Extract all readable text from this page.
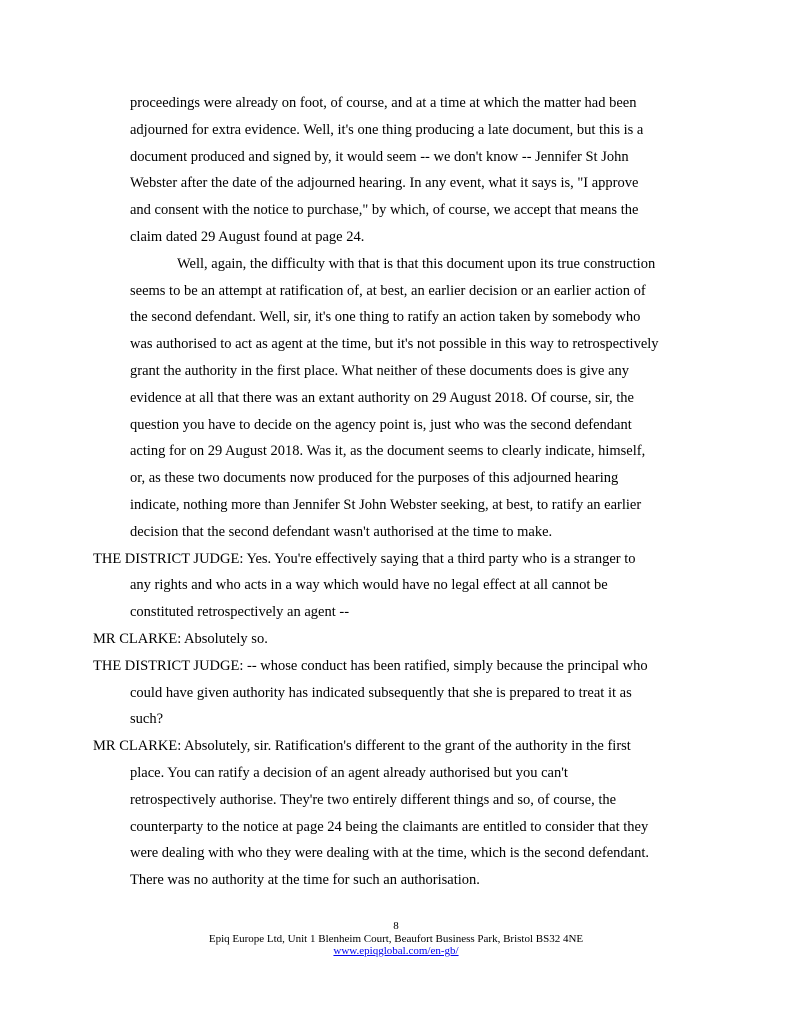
proceedings were already on foot, of course, and at a time at which the matter had been
adjourned for extra evidence. Well, it's one thing producing a late document, but this is a
document produced and signed by, it would seem -- we don't know -- Jennifer St John
Webster after the date of the adjourned hearing. In any event, what it says is, "I approve
and consent with the notice to purchase," by which, of course, we accept that means the
claim dated 29 August found at page 24.
Well, again, the difficulty with that is that this document upon its true construction
seems to be an attempt at ratification of, at best, an earlier decision or an earlier action of
the second defendant. Well, sir, it's one thing to ratify an action taken by somebody who
was authorised to act as agent at the time, but it's not possible in this way to retrospectively
grant the authority in the first place. What neither of these documents does is give any
evidence at all that there was an extant authority on 29 August 2018. Of course, sir, the
question you have to decide on the agency point is, just who was the second defendant
acting for on 29 August 2018. Was it, as the document seems to clearly indicate, himself,
or, as these two documents now produced for the purposes of this adjourned hearing
indicate, nothing more than Jennifer St John Webster seeking, at best, to ratify an earlier
decision that the second defendant wasn't authorised at the time to make.
THE DISTRICT JUDGE: Yes. You're effectively saying that a third party who is a stranger to
any rights and who acts in a way which would have no legal effect at all cannot be
constituted retrospectively an agent --
MR CLARKE: Absolutely so.
THE DISTRICT JUDGE: -- whose conduct has been ratified, simply because the principal who
could have given authority has indicated subsequently that she is prepared to treat it as
such?
MR CLARKE: Absolutely, sir. Ratification's different to the grant of the authority in the first
place. You can ratify a decision of an agent already authorised but you can't
retrospectively authorise. They're two entirely different things and so, of course, the
counterparty to the notice at page 24 being the claimants are entitled to consider that they
were dealing with who they were dealing with at the time, which is the second defendant.
There was no authority at the time for such an authorisation.
8
Epiq Europe Ltd, Unit 1 Blenheim Court, Beaufort Business Park, Bristol BS32 4NE
www.epiqglobal.com/en-gb/
